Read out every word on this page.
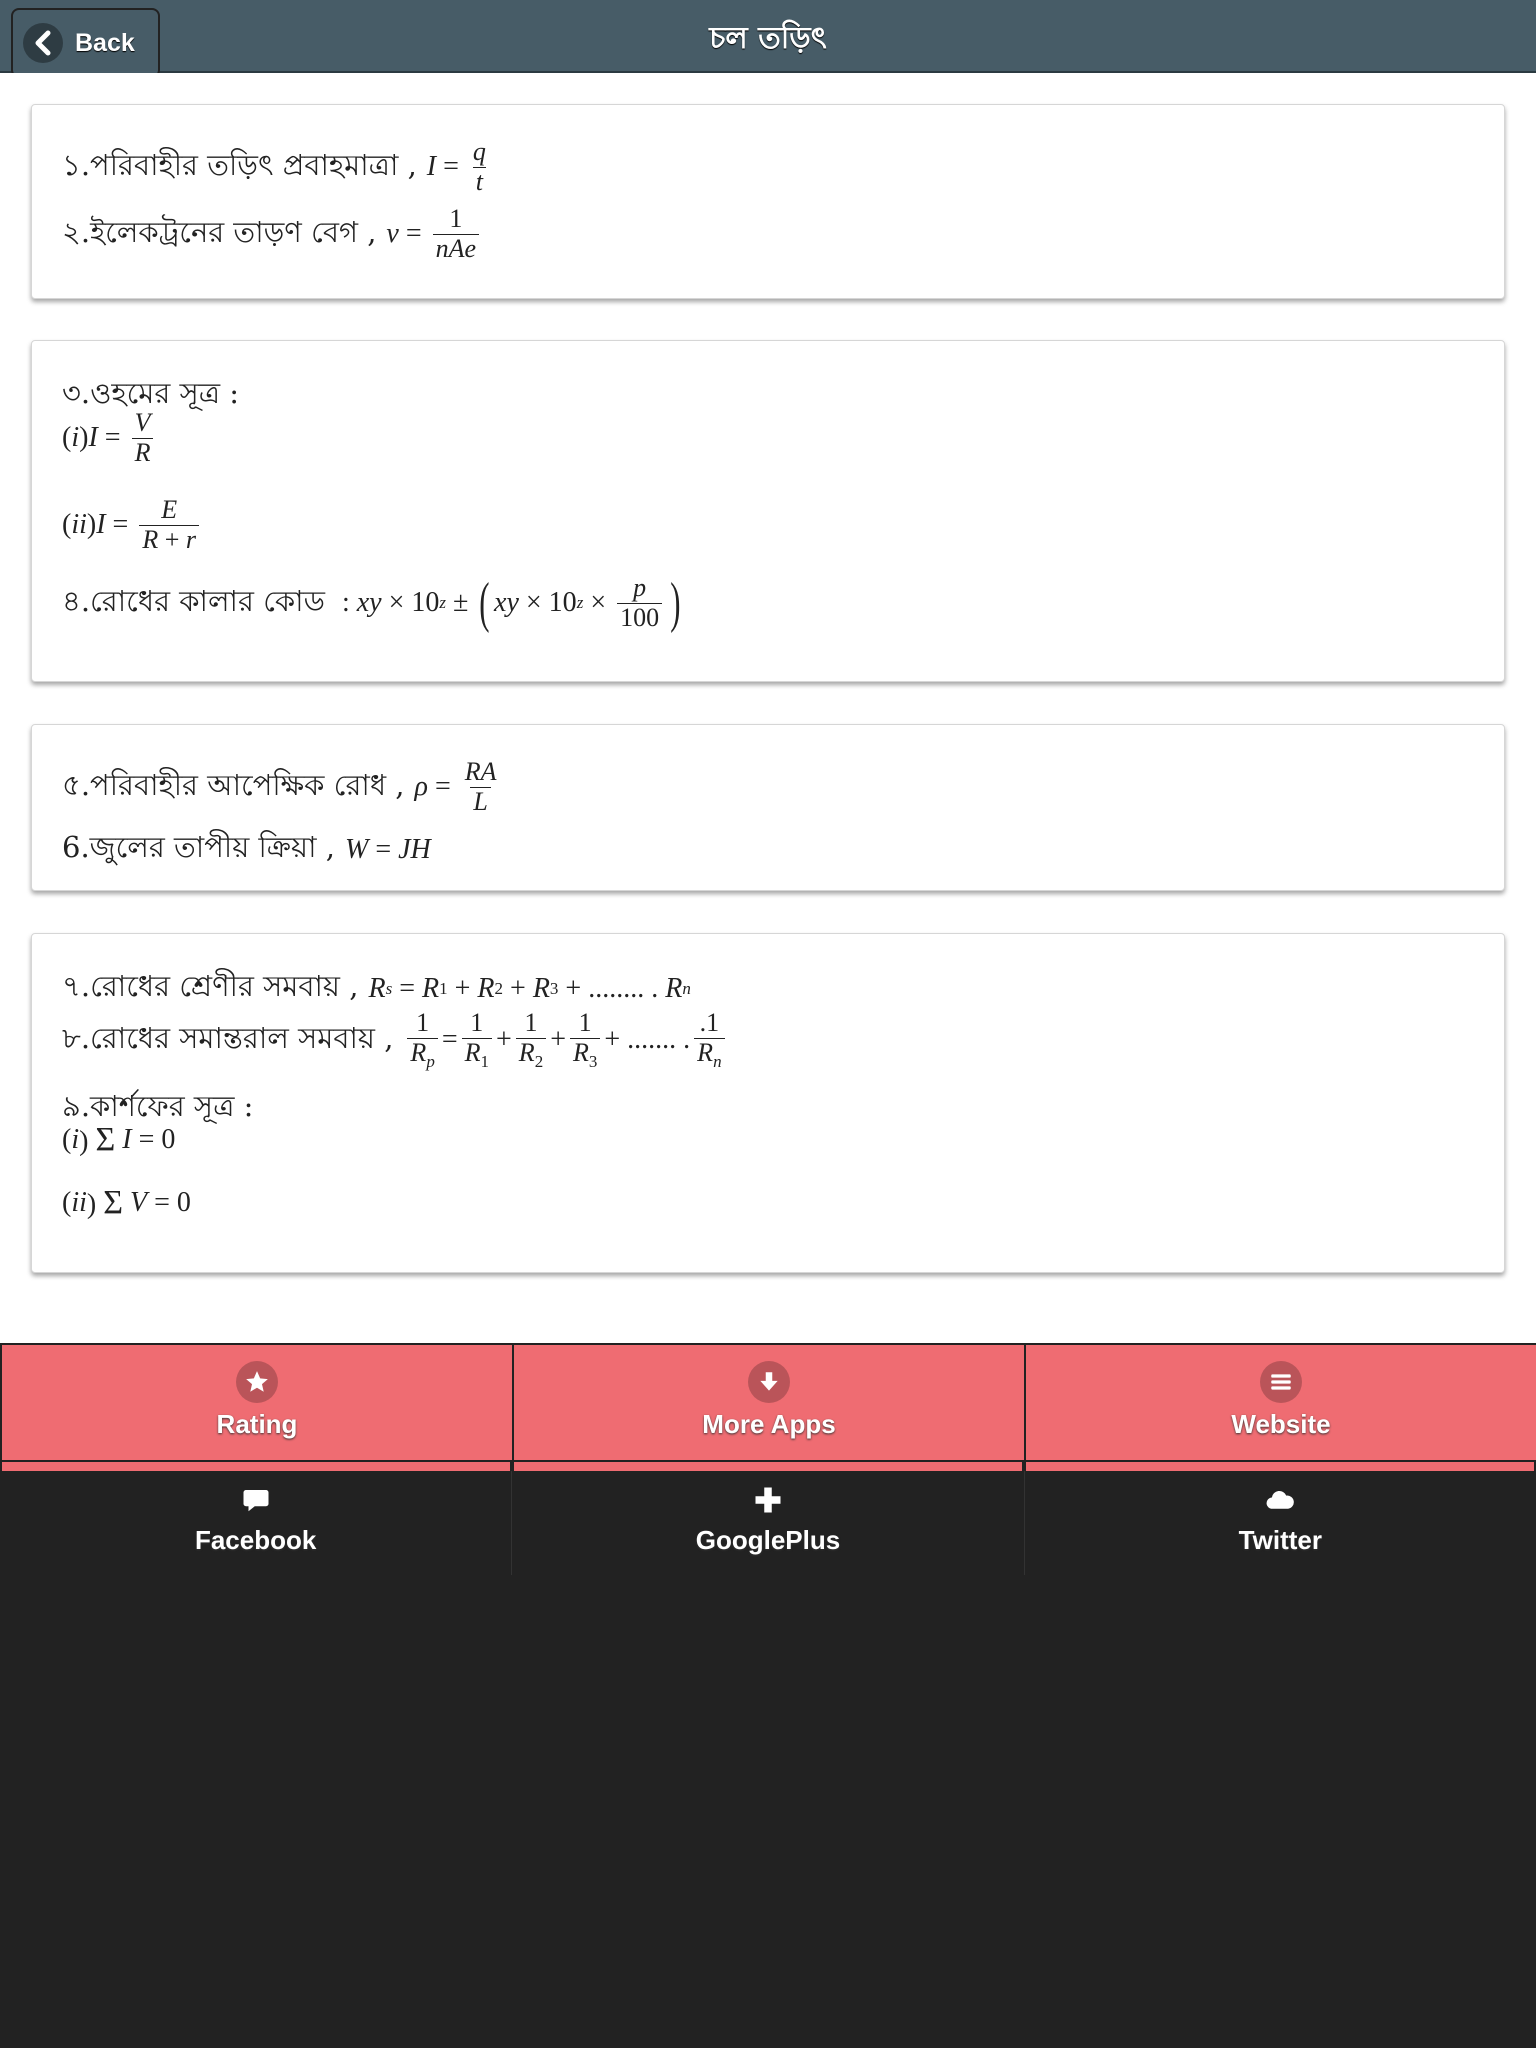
Back	চল তড়িৎ
১.পরিবাহীর তড়িৎ প্রবাহমাত্রা , I =
$\frac{q}{t}$
২.ইলেকট্রনের তাড়ণ বেগ , v =
$\frac{1}{\text{nAe}}$
৩.ওহমের সূত্র :
( i ) I =
$\frac{V}{R}$
( ii ) I =
$\frac{E}{R + r}$
৪.রোধের কালার কোড : xy × 10 z
±
( xy × 10 z
×
$\frac{p}{100}$ )
৫.পরিবাহীর আপেক্ষিক রোধ , ρ =
$\frac{RA}{L}$
6.জুলের তাপীয় ক্রিয়া , W = JH
৭.রোধের শ্রেণীর সমবায় , R s
= R 1
+ R 2
+ R 3
+ ........ . R n
৮.রোধের সমান্তরাল সমবায় , $\frac{1}{R_p} = \frac{1}{R_1} + \frac{1}{R_2} + \frac{1}{R_3}$ + ....... . $\frac{.1}{R_n}$
৯.কার্শফের সূত্র :
( i ) Σ I = 0
( ii ) Σ V = 0
Rating	More Apps	Website
Facebook	GooglePlus	Twitter
